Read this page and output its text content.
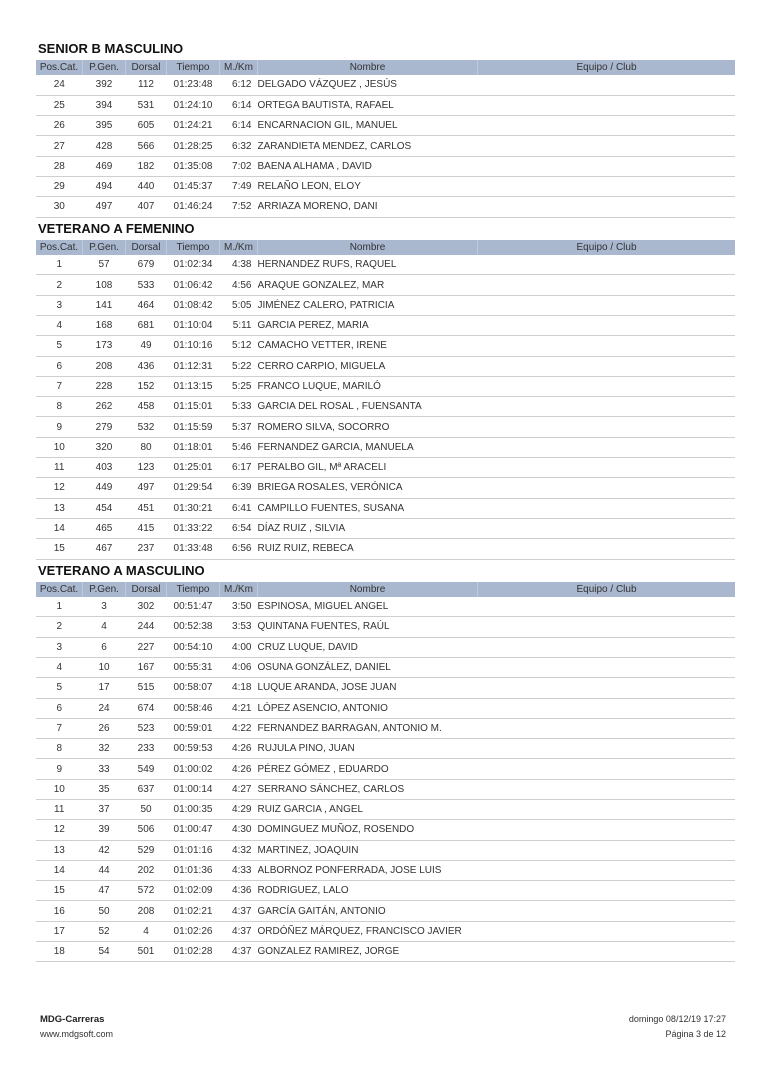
SENIOR B MASCULINO
Pos.Cat.	P.Gen.	Dorsal	Tiempo	M./Km	Nombre	Equipo / Club
24	392	112	01:23:48	6:12	DELGADO VÁZQUEZ , JESÚS	
25	394	531	01:24:10	6:14	ORTEGA BAUTISTA, RAFAEL	
26	395	605	01:24:21	6:14	ENCARNACION GIL, MANUEL	
27	428	566	01:28:25	6:32	ZARANDIETA MENDEZ, CARLOS	
28	469	182	01:35:08	7:02	BAENA ALHAMA , DAVID	
29	494	440	01:45:37	7:49	RELAÑO LEON, ELOY	
30	497	407	01:46:24	7:52	ARRIAZA MORENO, DANI	
VETERANO A FEMENINO
Pos.Cat.	P.Gen.	Dorsal	Tiempo	M./Km	Nombre	Equipo / Club
1	57	679	01:02:34	4:38	HERNANDEZ RUFS, RAQUEL	
2	108	533	01:06:42	4:56	ARAQUE GONZALEZ, MAR	
3	141	464	01:08:42	5:05	JIMÉNEZ CALERO, PATRICIA	
4	168	681	01:10:04	5:11	GARCIA PEREZ, MARIA	
5	173	49	01:10:16	5:12	CAMACHO VETTER, IRENE	
6	208	436	01:12:31	5:22	CERRO CARPIO, MIGUELA	
7	228	152	01:13:15	5:25	FRANCO LUQUE, MARILÓ	
8	262	458	01:15:01	5:33	GARCIA DEL ROSAL , FUENSANTA	
9	279	532	01:15:59	5:37	ROMERO SILVA, SOCORRO	
10	320	80	01:18:01	5:46	FERNANDEZ GARCIA, MANUELA	
11	403	123	01:25:01	6:17	PERALBO GIL, Mª ARACELI	
12	449	497	01:29:54	6:39	BRIEGA ROSALES, VERÓNICA	
13	454	451	01:30:21	6:41	CAMPILLO FUENTES, SUSANA	
14	465	415	01:33:22	6:54	DÍAZ RUIZ , SILVIA	
15	467	237	01:33:48	6:56	RUIZ RUIZ, REBECA	
VETERANO A MASCULINO
Pos.Cat.	P.Gen.	Dorsal	Tiempo	M./Km	Nombre	Equipo / Club
1	3	302	00:51:47	3:50	ESPINOSA, MIGUEL ANGEL	
2	4	244	00:52:38	3:53	QUINTANA FUENTES, RAÚL	
3	6	227	00:54:10	4:00	CRUZ LUQUE, DAVID	
4	10	167	00:55:31	4:06	OSUNA GONZÁLEZ, DANIEL	
5	17	515	00:58:07	4:18	LUQUE ARANDA, JOSE JUAN	
6	24	674	00:58:46	4:21	LÓPEZ ASENCIO, ANTONIO	
7	26	523	00:59:01	4:22	FERNANDEZ BARRAGAN, ANTONIO M.	
8	32	233	00:59:53	4:26	RUJULA PINO, JUAN	
9	33	549	01:00:02	4:26	PÉREZ GÓMEZ , EDUARDO	
10	35	637	01:00:14	4:27	SERRANO SÁNCHEZ, CARLOS	
11	37	50	01:00:35	4:29	RUIZ GARCIA , ANGEL	
12	39	506	01:00:47	4:30	DOMINGUEZ MUÑOZ, ROSENDO	
13	42	529	01:01:16	4:32	MARTINEZ, JOAQUIN	
14	44	202	01:01:36	4:33	ALBORNOZ PONFERRADA, JOSE LUIS	
15	47	572	01:02:09	4:36	RODRIGUEZ, LALO	
16	50	208	01:02:21	4:37	GARCÍA GAITÁN, ANTONIO	
17	52	4	01:02:26	4:37	ORDÓÑEZ MÁRQUEZ, FRANCISCO JAVIER	
18	54	501	01:02:28	4:37	GONZALEZ RAMIREZ, JORGE	
MDG-Carreras
www.mdgsoft.com
domingo 08/12/19 17:27
Página 3 de 12
